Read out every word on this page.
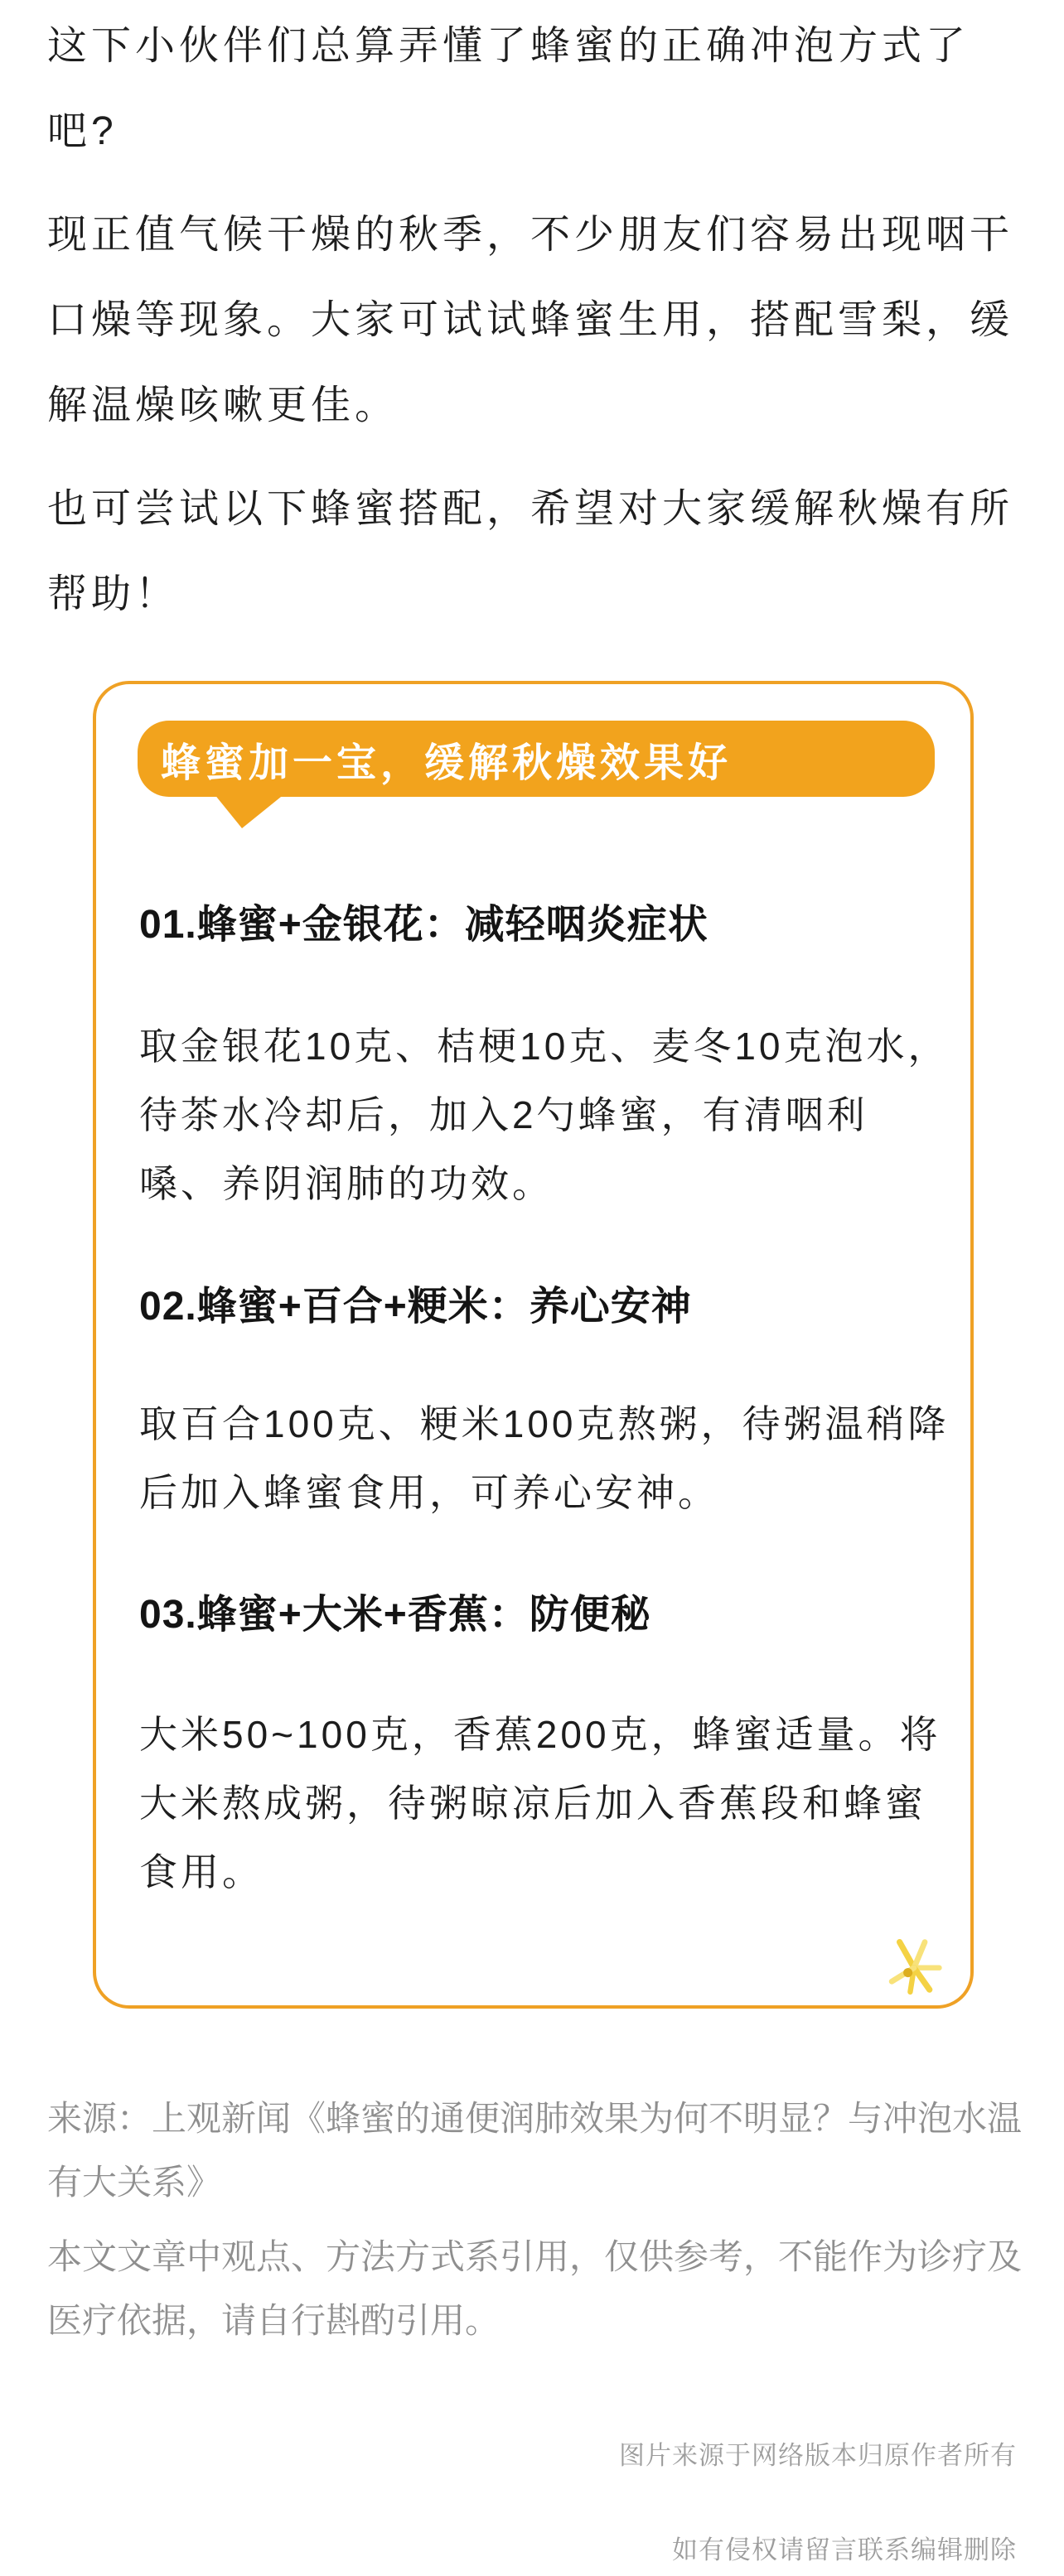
这下小伙伴们总算弄懂了蜂蜜的正确冲泡方式了
吧?
现正值气候干燥的秋季，不少朋友们容易出现咽干
口燥等现象。大家可试试蜂蜜生用，搭配雪梨，缓
解温燥咳嗽更佳。
也可尝试以下蜂蜜搭配，希望对大家缓解秋燥有所
帮助！
蜂蜜加一宝，缓解秋燥效果好
01.蜂蜜+金银花：减轻咽炎症状
取金银花10克、桔梗10克、麦冬10克泡水，
待茶水冷却后，加入2勺蜂蜜，有清咽利
嗓、养阴润肺的功效。
02.蜂蜜+百合+粳米：养心安神
取百合100克、粳米100克熬粥，待粥温稍降
后加入蜂蜜食用，可养心安神。
03.蜂蜜+大米+香蕉：防便秘
大米50~100克，香蕉200克，蜂蜜适量。将
大米熬成粥，待粥晾凉后加入香蕉段和蜂蜜
食用。
来源：上观新闻《蜂蜜的通便润肺效果为何不明显？与冲泡水温
有大关系》
本文文章中观点、方法方式系引用，仅供参考，不能作为诊疗及
医疗依据，请自行斟酌引用。
图片来源于网络版本归原作者所有
如有侵权请留言联系编辑删除
